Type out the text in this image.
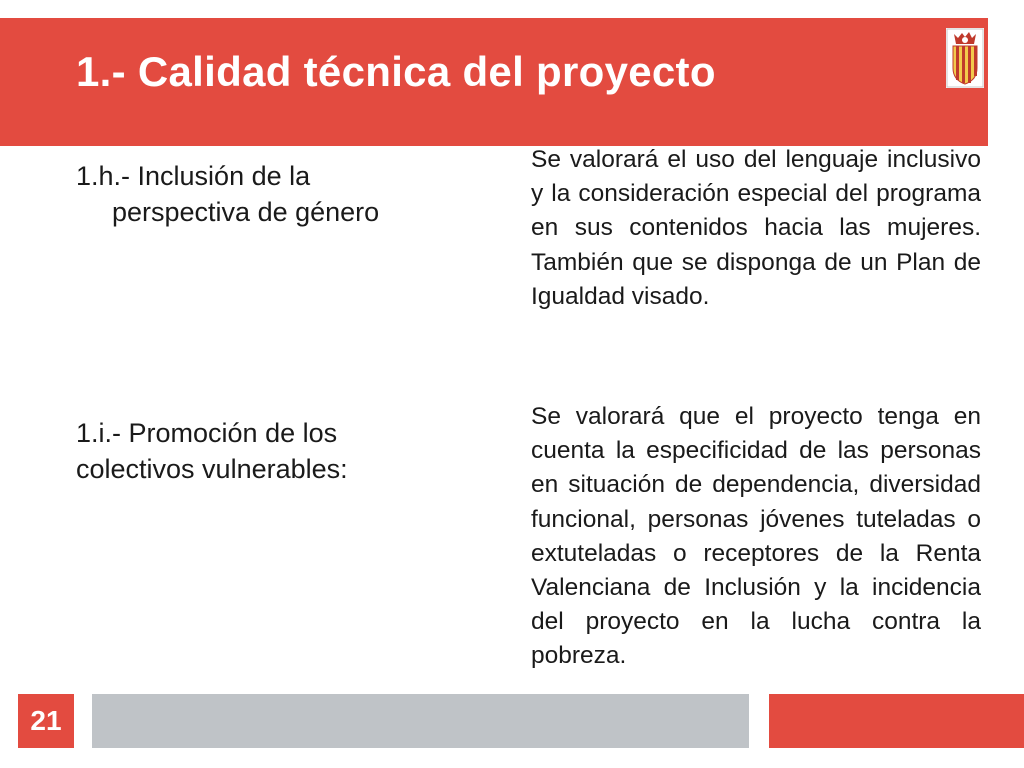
1.- Calidad técnica del proyecto

1.h.- Inclusión de la
perspectiva de género

Se valorará el uso del lenguaje inclusivo y la consideración especial del programa en sus contenidos hacia las mujeres. También que se disponga de un Plan de Igualdad visado.

1.i.- Promoción de los colectivos vulnerables:

Se valorará que el proyecto tenga en cuenta la especificidad de las personas en situación de dependencia, diversidad funcional, personas jóvenes tuteladas o extuteladas o receptores de la Renta Valenciana de Inclusión y la incidencia del proyecto en la lucha contra la pobreza.

21
